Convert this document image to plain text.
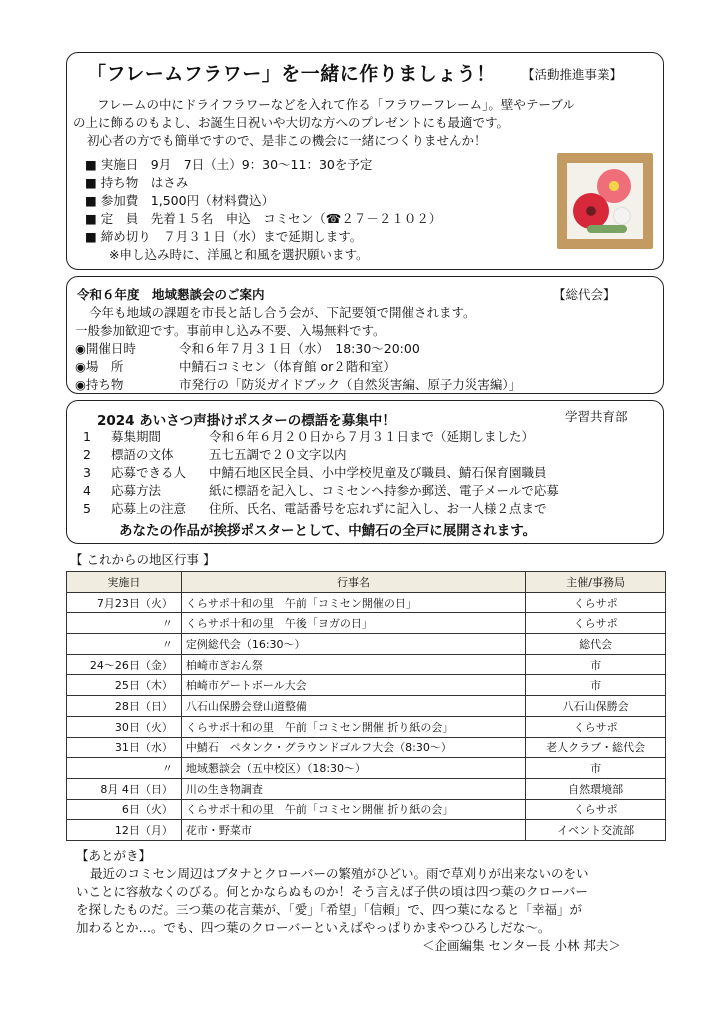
「フレームフラワー」を一緒に作りましょう！ 【活動推進事業】
フレームの中にドライフラワーなどを入れて作る「フラワーフレーム」。壁やテーブル
の上に飾るのもよし、お誕生日祝いや大切な方へのプレゼントにも最適です。
初心者の方でも簡単ですので、是非この機会に一緒につくりませんか！
■ 実施日　9月　7日（土）9：30～11：30を予定
■ 持ち物　はさみ
■ 参加費　1,500円（材料費込）
■ 定　員　先着１５名　申込　コミセン（☎２７－２１０２）
■ 締め切り　７月３１日（水）まで延期します。
※申し込み時に、洋風と和風を選択願います。
令和６年度　地域懇談会のご案内	【総代会】
今年も地域の課題を市長と話し合う会が、下記要領で開催されます。
一般参加歓迎です。事前申し込み不要、入場無料です。
◉開催日時	令和６年７月３１日（水）　18:30～20:00
◉場　所	中鯖石コミセン（体育館 or２階和室）
◉持ち物	市発行の「防災ガイドブック（自然災害編、原子力災害編）」
2024 あいさつ声掛けポスターの標語を募集中！	学習共育部
1 募集期間	令和６年６月２０日から７月３１日まで（延期しました）
2 標語の文体	五七五調で２０文字以内
3 応募できる人 中鯖石地区民全員、小中学校児童及び職員、鯖石保育園職員
4 応募方法	紙に標語を記入し、コミセンへ持参か郵送、電子メールで応募
5 応募上の注意 住所、氏名、電話番号を忘れずに記入し、お一人様２点まで
あなたの作品が挨拶ポスターとして、中鯖石の全戸に展開されます。
【 これからの地区行事 】
実施日	行事名	主催/事務局
7月23日（火）	くらサポ十和の里　午前「コミセン開催の日」	くらサポ
〃	くらサポ十和の里　午後「ヨガの日」	くらサポ
〃	定例総代会（16:30～）	総代会
24～26日（金）	柏崎市ぎおん祭	市
25日（木）	柏崎市ゲートボール大会	市
28日（日）	八石山保勝会登山道整備	八石山保勝会
30日（火）	くらサポ十和の里　午前「コミセン開催 折り紙の会」	くらサポ
31日（水）	中鯖石　ペタンク・グラウンドゴルフ大会（8:30～）	老人クラブ・総代会
〃	地域懇談会（五中校区）（18:30～）	市
8月 4日（日）	川の生き物調査	自然環境部
6日（火）	くらサポ十和の里　午前「コミセン開催 折り紙の会」	くらサポ
12日（月）	花市・野菜市	イベント交流部
【あとがき】
最近のコミセン周辺はブタナとクローバーの繁殖がひどい。雨で草刈りが出来ないのをい
いことに容赦なくのびる。何とかならぬものか！そう言えば子供の頃は四つ葉のクローバー
を探したものだ。三つ葉の花言葉が、「愛」「希望」「信頼」で、四つ葉になると「幸福」が
加わるとか…。でも、四つ葉のクローバーといえばやっぱりかまやつひろしだな～。
＜企画編集 センター長 小林 邦夫＞
